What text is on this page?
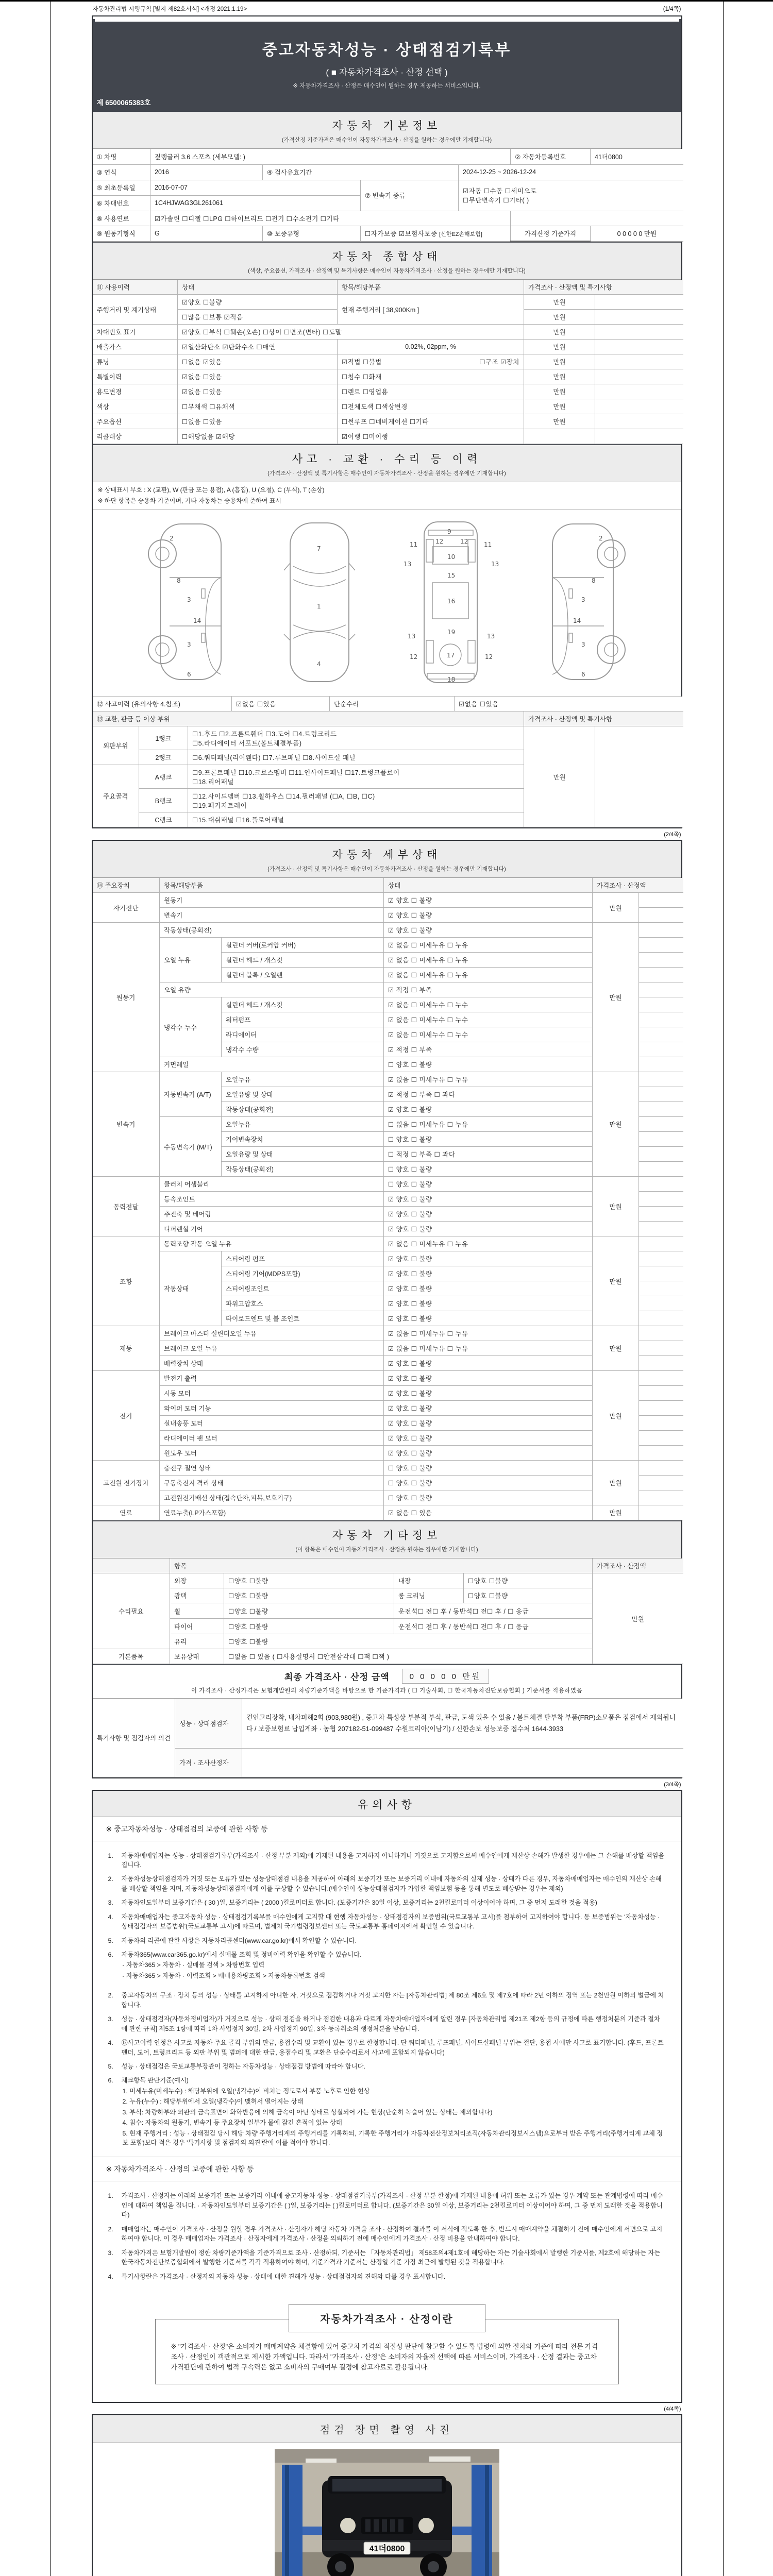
자동차관리법 시행규칙 [별지 제82호서식] <개정 2021.1.19>	(1/4쪽)
중고자동차성능 · 상태점검기록부
( ■ 자동차가격조사 · 산정 선택 )
※ 자동차가격조사 · 산정은 매수인이 원하는 경우 제공하는 서비스입니다.
제 6500065383호
자동차 기본정보
(가격산정 기준가격은 매수인이 자동차가격조사 · 산정을 원하는 경우에만 기재합니다)
① 차명	짚랭글러 3.6 스포츠 (세부모델: )				② 자동차등록번호	41더0800
③ 연식	2016	④ 검사유효기간		2024-12-25 ~ 2026-12-24		
⑤ 최초등록일	2016-07-07		⑦ 변속기 종류	☑자동 ☐수동 ☐세미오토
☐무단변속기 ☐기타( )		

⑥ 차대번호	1C4HJWAG3GL261061					
⑧ 사용연료	☑가솔린 ☐디젤 ☐LPG ☐하이브리드 ☐전기 ☐수소전기 ☐기타					
⑨ 원동기형식	G	⑩ 보증유형	☐자가보증 ☑보험사보증 [신한EZ손해보험]		가격산정 기준가격	0 0 0 0 0 만원
자동차 종합상태
(색상, 주요옵션, 가격조사 · 산정액 및 특기사항은 매수인이 자동차가격조사 · 산정을 원하는 경우에만 기재합니다)
⑪ 사용이력	상태	항목/해당부품	가격조사 · 산정액 및 특기사항	
주행거리 및 계기상태	☑양호 ☐불량	현재 주행거리 [ 38,900Km ]	만원	
	☐많음 ☐보통 ☑적음		만원	
차대번호 표기	☑양호 ☐부식 ☐훼손(오손) ☐상이 ☐변조(변타) ☐도말		만원	
배출가스	☑일산화탄소 ☑탄화수소 ☐매연	0.02%, 02ppm, %	만원	
튜닝	☐없음 ☑있음	☑적법 ☐불법 ☐구조 ☑장치	만원	
특별이력	☑없음 ☐있음	☐침수 ☐화재	만원	
용도변경	☑없음 ☐있음	☐렌트 ☐영업용	만원	
색상	☐무채색 ☐유채색	☐전체도색 ☐색상변경	만원	
주요옵션	☐없음 ☐있음	☐썬루프 ☐네비게이션 ☐기타	만원	
리콜대상	☐해당없음 ☑해당	☑이행 ☐미이행		
사고 · 교환 · 수리 등 이력
(가격조사 · 산정액 및 특기사항은 매수인이 자동차가격조사 · 산정을 원하는 경우에만 기재합니다)
※ 상태표시 부호 : X (교환), W (판금 또는 용접), A (흠집), U (요철), C (부식), T (손상)
※ 하단 항목은 승용차 기준이며, 기타 자동차는 승용차에 준하여 표시
2
8
3
14
3
6
7
1
4
9
11	11
13
12	12
13
10
15
16
19
13	13
12	17	12
18
2
8
3
14
3
6
⑫ 사고이력 (유의사항 4.참조)	☑없음 ☐있음	단순수리	☑없음 ☐있음
⑬ 교환, 판금 등 이상 부위			가격조사 · 산정액 및 특기사항	
외판부위	1랭크	☐1.후드 ☐2.프론트휀더 ☐3.도어 ☐4.트렁크리드
☐5.라디에이터 서포트(볼트체결부품)	만원	
	2랭크	☐6.쿼터패널(리어휀다) ☐7.루브패널 ☐8.사이드실 패널		
주요골격	A랭크	☐9.프론트패널 ☐10.크로스멤버 ☐11.인사이드패널 ☐17.트렁크플로어
☐18.리어패널		

	B랭크	☐12.사이드멤버 ☐13.휠하우스 ☐14.필러패널 (☐A, ☐B, ☐C)
☐19.패키지트레이		

	C랭크	☐15.대쉬패널 ☐16.플로어패널		
(2/4쪽)
자동차 세부상태
(가격조사 · 산정액 및 특기사항은 매수인이 자동차가격조사 · 산정을 원하는 경우에만 기재합니다)
⑭ 주요장치	항목/해당부품		상태	가격조사 · 산정액	
자기진단	원동기		☑ 양호 ☐ 불량	만원	
	변속기		☑ 양호 ☐ 불량		
원동기	작동상태(공회전)		☑ 양호 ☐ 불량	만원	
	오일 누유	실린더 커버(로커암 커버)	☑ 없음 ☐ 미세누유 ☐ 누유		
		실린더 헤드 / 개스킷	☑ 없음 ☐ 미세누유 ☐ 누유		
		실린더 블록 / 오일팬	☑ 없음 ☐ 미세누유 ☐ 누유		
	오일 유량		☑ 적정 ☐ 부족		
	냉각수 누수	실린더 헤드 / 개스킷	☑ 없음 ☐ 미세누수 ☐ 누수		
		워터펌프	☑ 없음 ☐ 미세누수 ☐ 누수		
		라디에이터	☑ 없음 ☐ 미세누수 ☐ 누수		
		냉각수 수량	☑ 적정 ☐ 부족		
	커먼레일		☐ 양호 ☐ 불량		
변속기	자동변속기 (A/T)	오일누유	☑ 없음 ☐ 미세누유 ☐ 누유	만원	
		오일유량 및 상태	☑ 적정 ☐ 부족 ☐ 과다		
		작동상태(공회전)	☑ 양호 ☐ 불량		
	수동변속기 (M/T)	오일누유	☐ 없음 ☐ 미세누유 ☐ 누유		
		기어변속장치	☐ 양호 ☐ 불량		
		오일유량 및 상태	☐ 적정 ☐ 부족 ☐ 과다		
		작동상태(공회전)	☐ 양호 ☐ 불량		
동력전달	클러치 어셈블리		☐ 양호 ☐ 불량	만원	
	등속조인트		☑ 양호 ☐ 불량		
	추진축 및 베어링		☑ 양호 ☐ 불량		
	디퍼렌셜 기어		☑ 양호 ☐ 불량		
조향	동력조향 작동 오일 누유		☑ 없음 ☐ 미세누유 ☐ 누유	만원	
	작동상태	스티어링 펌프	☑ 양호 ☐ 불량		
		스티어링 기어(MDPS포함)	☑ 양호 ☐ 불량		
		스티어링조인트	☑ 양호 ☐ 불량		
		파워고압호스	☑ 양호 ☐ 불량		
		타이로드엔드 및 볼 조인트	☑ 양호 ☐ 불량		
제동	브레이크 마스터 실린더오일 누유		☑ 없음 ☐ 미세누유 ☐ 누유	만원	
	브레이크 오일 누유		☑ 없음 ☐ 미세누유 ☐ 누유		
	배력장치 상태		☑ 양호 ☐ 불량		
전기	발전기 출력		☑ 양호 ☐ 불량	만원	
	시동 모터		☑ 양호 ☐ 불량		
	와이퍼 모터 기능		☑ 양호 ☐ 불량		
	실내송풍 모터		☑ 양호 ☐ 불량		
	라디에이터 팬 모터		☑ 양호 ☐ 불량		
	윈도우 모터		☑ 양호 ☐ 불량		
고전원 전기장치	충전구 절연 상태		☐ 양호 ☐ 불량	만원	
	구동축전지 격리 상태		☐ 양호 ☐ 불량		
	고전원전기배선 상태(접속단자,피복,보호기구)		☐ 양호 ☐ 불량		
연료	연료누출(LP가스포함)		☑ 없음 ☐ 있음	만원	
자동차 기타정보
(이 항목은 매수인이 자동차가격조사 · 산정을 원하는 경우에만 기재합니다)
	항목				가격조사 · 산정액
수리필요	외장	☐양호 ☐불량	내장	☐양호 ☐불량	만원
	광택	☐양호 ☐불량	룸 크리닝	☐양호 ☐불량	
	휠	☐양호 ☐불량	운전석☐ 전☐ 후 / 동반석☐ 전☐ 후 / ☐ 응급		
	타이어	☐양호 ☐불량	운전석☐ 전☐ 후 / 동반석☐ 전☐ 후 / ☐ 응급		
	유리	☐양호 ☐불량			
기본품목	보유상태	☐없음 ☐ 있음 ( ☐사용설명서 ☐안전삼각대 ☐잭 ☐잭 )			
최종 가격조사 · 산정 금액	0 0 0 0 0 만원
이 가격조사 · 산정가격은 보험개발원의 차량기준가액을 바탕으로 한 기준가격과 ( ☐ 기술사회, ☐ 한국자동차진단보증협회 ) 기준서를 적용하였음
특기사항 및 점검자의 의견	성능 · 상태점검자	견인고리장착, 내차피해2회 (903,980원) , 중고차 특성상 부분적 부식, 판금, 도색 있을 수 있음 / 볼트체결 탈부착 부품(FRP)소모품은 점검에서 제외됩니다 / 보증보험료 납입계좌 · 농협 207182-51-099487 수원코리아(이남기) / 신한손보 성능보증 접수처 1644-3933
	가격 · 조사산정자	
(3/4쪽)
유의사항
※ 중고자동차성능 · 상태점검의 보증에 관한 사항 등
1.	자동차매매업자는 성능 · 상태점검기록부(가격조사 · 산정 부분 제외)에 기재된 내용을 고지하지 아니하거나 거짓으로 고지함으로써 매수인에게 재산상 손해가 발생한 경우에는 그 손해를 배상할 책임을 집니다.
2.	자동차성능상태점검자가 거짓 또는 오류가 있는 성능상태점검 내용을 제공하여 아래의 보증기간 또는 보증거리 이내에 자동차의 실제 성능 · 상태가 다른 경우, 자동차매매업자는 매수인의 재산상 손해를 배상할 책임을 지며, 자동차성능상태점검자에게 이를 구상할 수 있습니다.(매수인이 성능상태점검자가 가입한 책임보험 등을 통해 별도로 배상받는 경우는 제외)
3.	자동차인도일부터 보증기간은 ( 30 )일, 보증거리는 ( 2000 )킬로미터로 합니다. (보증기간은 30일 이상, 보증거리는 2천킬로미터 이상이어야 하며, 그 중 먼저 도래한 것을 적용)
4.	자동차매매업자는 중고자동차 성능 · 상태점검기록부를 매수인에게 고지할 때 현행 자동차성능 · 상태점검자의 보증범위(국토교통부 고시)를 첨부하여 고지하여야 합니다. 동 보증범위는 '자동차성능 · 상태점검자의 보증범위'(국토교통부 고시)에 따르며, 법제처 국가법령정보센터 또는 국토교통부 홈페이지에서 확인할 수 있습니다.
5.	자동차의 리콜에 관한 사항은 자동차리콜센터(www.car.go.kr)에서 확인할 수 있습니다.
6.	자동차365(www.car365.go.kr)에서 실매물 조회 및 정비이력 확인을 확인할 수 있습니다.
- 자동차365 > 자동차 · 실매물 검색 > 차량번호 입력
- 자동차365 > 자동차 · 이력조회 > 매매용차량조회 > 자동차등록번호 검색
2.	중고자동차의 구조 · 장치 등의 성능 · 상태를 고지하지 아니한 자, 거짓으로 점검하거나 거짓 고지한 자는 [자동차관리법] 제 80조 제6호 및 제7호에 따라 2년 이하의 징역 또는 2천만원 이하의 벌금에 처합니다.
3.	성능 · 상태점검자(자동차정비업자)가 거짓으로 성능 · 상태 점검을 하거나 점검한 내용과 다르게 자동차매매업자에게 알린 경우 [자동차관리법 제21조 제2항 등의 규정에 따른 행정처분의 기준과 절차에 관한 규칙] 제5조 1항에 따라 1차 사업정지 30일, 2차 사업정지 90일, 3차 등록취소의 행정처분을 받습니다.
4.	⑫사고이력 인정은 사고로 자동차 주요 골격 부위의 판금, 용접수리 및 교환이 있는 경우로 한정합니다. 단 쿼터패널, 루프패널, 사이드실패널 부위는 절단, 용접 시에만 사고로 표기합니다. (후드, 프론트펜더, 도어, 트렁크리드 등 외판 부위 및 범퍼에 대한 판금, 용접수리 및 교환은 단순수리로서 사고에 포함되지 않습니다)
5.	성능 · 상태점검은 국토교통부장관이 정하는 자동차성능 · 상태점검 방법에 따라야 합니다.
6.	체크항목 판단기준(예시)
1. 미세누유(미세누수) : 해당부위에 오일(냉각수)이 비치는 정도로서 부품 노후로 인한 현상
2. 누유(누수) : 해당부위에서 오일(냉각수)이 맺혀서 떨어지는 상태
3. 부식: 차량하부와 외판의 금속표면이 화학반응에 의해 금속이 아닌 상태로 상실되어 가는 현상(단순히 녹슬어 있는 상태는 제외합니다)
4. 침수: 자동차의 원동기, 변속기 등 주요장치 일부가 물에 잠긴 흔적이 있는 상태
5. 현재 주행거리 : 성능 · 상태점검 당시 해당 차량 주행거리계의 주행거리를 기록하되, 기록한 주행거리가 자동차전산정보처리조직(자동차관리정보시스템)으로부터 받은 주행거리(주행거리계 교체 정보 포함)보다 적은 경우 '특기사항 및 점검자의 의견'란에 이를 적어야 합니다.
※ 자동차가격조사 · 산정의 보증에 관한 사항 등
1.	가격조사 · 산정자는 아래의 보증기간 또는 보증거리 이내에 중고자동차 성능 · 상태점검기록부(가격조사 · 산정 부분 한정)에 기재된 내용에 허위 또는 오류가 있는 경우 계약 또는 관계법령에 따라 매수인에 대하여 책임을 집니다. · 자동차인도일부터 보증기간은 ( )일, 보증거리는 ( )킬로미터로 합니다. (보증기간은 30일 이상, 보증거리는 2천킬로미터 이상이어야 하며, 그 중 먼저 도래한 것을 적용합니다)
2.	매매업자는 매수인이 가격조사 · 산정을 원할 경우 가격조사 · 산정자가 해당 자동차 가격을 조사 · 산정하여 결과를 이 서식에 적도록 한 후, 반드시 매매계약을 체결하기 전에 매수인에게 서면으로 고지하여야 합니다. 이 경우 매매업자는 가격조사 · 산정자에게 가격조사 · 산정을 의뢰하기 전에 매수인에게 가격조사 · 산정 비용을 안내하여야 합니다.
3.	자동차가격은 보험개발원이 정한 차량기준가액을 기준가격으로 조사 · 산정하되, 기준서는 「자동차관리법」 제58조의4제1호에 해당하는 자는 기술사회에서 발행한 기준서를, 제2호에 해당하는 자는 한국자동차진단보증협회에서 발행한 기준서를 각각 적용하여야 하며, 기준가격과 기준서는 산정일 기준 가장 최근에 발행된 것을 적용합니다.
4.	특기사항란은 가격조사 · 산정자의 자동차 성능 · 상태에 대한 견해가 성능 · 상태점검자의 견해와 다를 경우 표시합니다.
자동차가격조사 · 산정이란
※ "가격조사 · 산정"은 소비자가 매매계약을 체결함에 있어 중고차 가격의 적절성 판단에 참고할 수 있도록 법령에 의한 절차와 기준에 따라 전문 가격조사 · 산정인이 객관적으로 제시한 가액입니다. 따라서 "가격조사 · 산정"은 소비자의 자율적 선택에 따른 서비스이며, 가격조사 · 산정 결과는 중고차 가격판단에 관하여 법적 구속력은 없고 소비자의 구매여부 결정에 참고자료로 활용됩니다.
(4/4쪽)
점검 장면 촬영 사진
41더0800
